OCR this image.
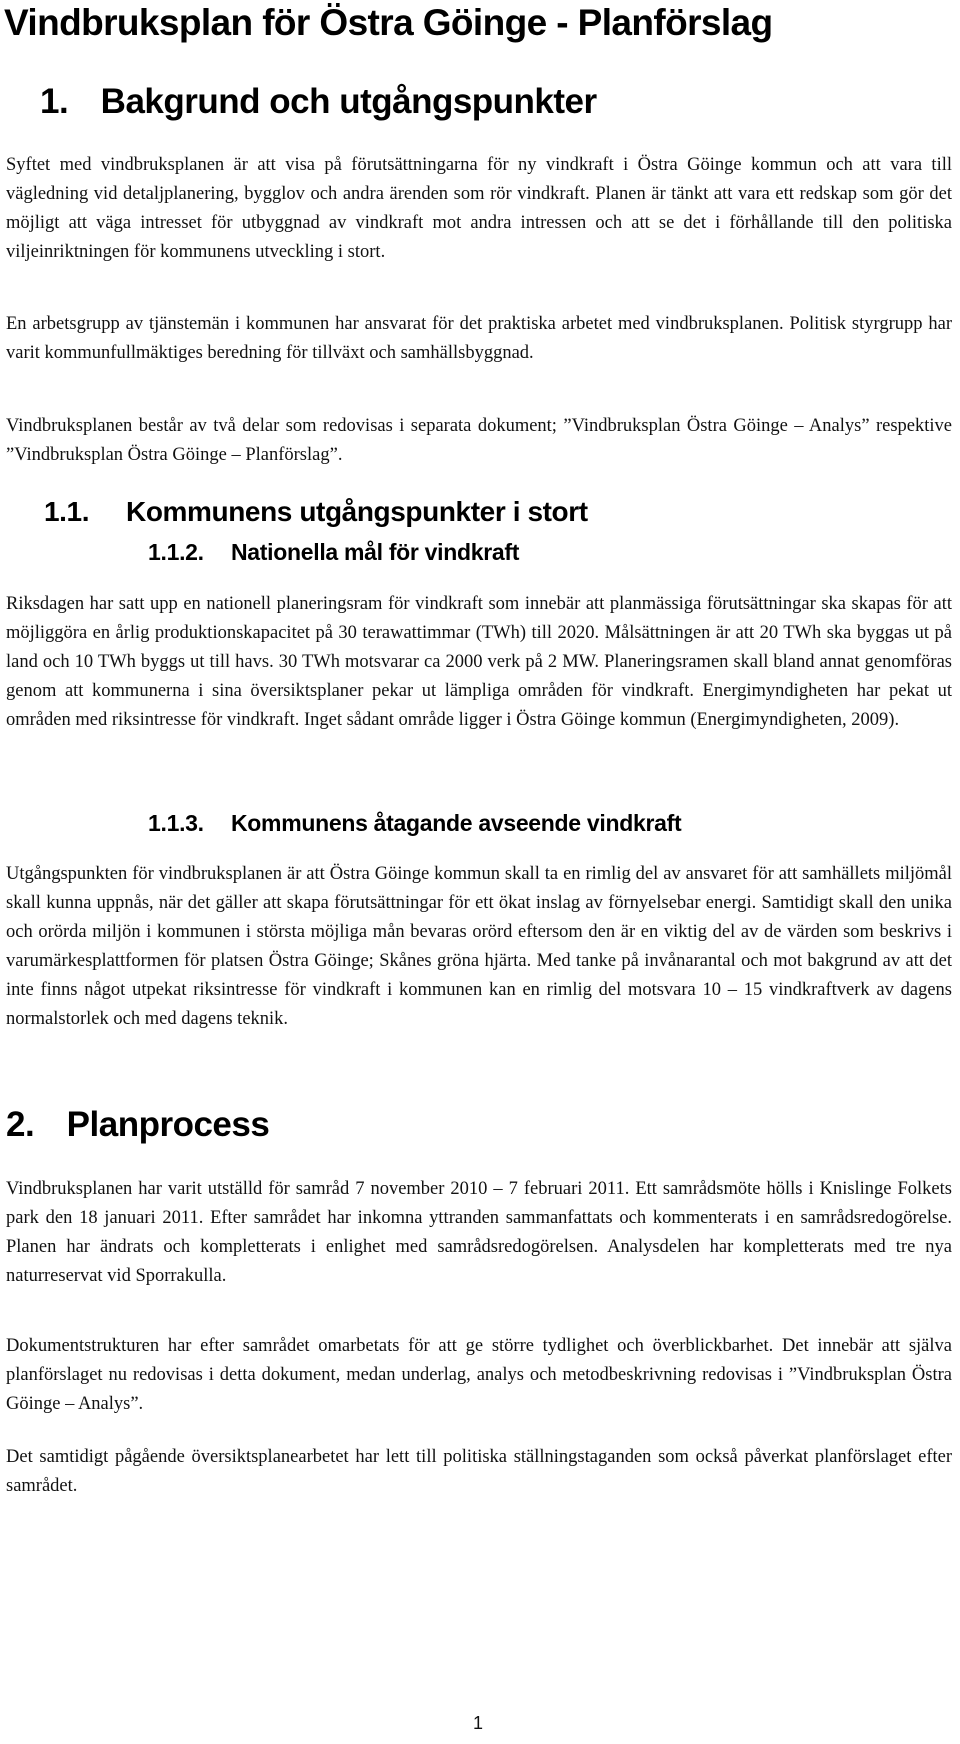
Vindbruksplan för Östra Göinge - Planförslag
1. Bakgrund och utgångspunkter

Syftet med vindbruksplanen är att visa på förutsättningarna för ny vindkraft i Östra Göinge kommun och att vara till vägledning vid detaljplanering, bygglov och andra ärenden som rör vindkraft. Planen är tänkt att vara ett redskap som gör det möjligt att väga intresset för utbyggnad av vindkraft mot andra intressen och att se det i förhållande till den politiska viljeinriktningen för kommunens utveckling i stort.

En arbetsgrupp av tjänstemän i kommunen har ansvarat för det praktiska arbetet med vindbruksplanen. Politisk styrgrupp har varit kommunfullmäktiges beredning för tillväxt och samhällsbyggnad.

Vindbruksplanen består av två delar som redovisas i separata dokument; ”Vindbruksplan Östra Göinge – Analys” respektive ”Vindbruksplan Östra Göinge – Planförslag”.

1.1. Kommunens utgångspunkter i stort
1.1.2. Nationella mål för vindkraft

Riksdagen har satt upp en nationell planeringsram för vindkraft som innebär att planmässiga förutsättningar ska skapas för att möjliggöra en årlig produktionskapacitet på 30 terawattimmar (TWh) till 2020. Målsättningen är att 20 TWh ska byggas ut på land och 10 TWh byggs ut till havs. 30 TWh motsvarar ca 2000 verk på 2 MW. Planeringsramen skall bland annat genomföras genom att kommunerna i sina översiktsplaner pekar ut lämpliga områden för vindkraft. Energimyndigheten har pekat ut områden med riksintresse för vindkraft. Inget sådant område ligger i Östra Göinge kommun (Energimyndigheten, 2009).

1.1.3. Kommunens åtagande avseende vindkraft

Utgångspunkten för vindbruksplanen är att Östra Göinge kommun skall ta en rimlig del av ansvaret för att samhällets miljömål skall kunna uppnås, när det gäller att skapa förutsättningar för ett ökat inslag av förnyelsebar energi. Samtidigt skall den unika och orörda miljön i kommunen i största möjliga mån bevaras orörd eftersom den är en viktig del av de värden som beskrivs i varumärkesplattformen för platsen Östra Göinge; Skånes gröna hjärta. Med tanke på invånarantal och mot bakgrund av att det inte finns något utpekat riksintresse för vindkraft i kommunen kan en rimlig del motsvara 10 – 15 vindkraftverk av dagens normalstorlek och med dagens teknik.

2. Planprocess

Vindbruksplanen har varit utställd för samråd 7 november 2010 – 7 februari 2011. Ett samrådsmöte hölls i Knislinge Folkets park den 18 januari 2011. Efter samrådet har inkomna yttranden sammanfattats och kommenterats i en samrådsredogörelse. Planen har ändrats och kompletterats i enlighet med samrådsredogörelsen. Analysdelen har kompletterats med tre nya naturreservat vid Sporrakulla.

Dokumentstrukturen har efter samrådet omarbetats för att ge större tydlighet och överblickbarhet. Det innebär att själva planförslaget nu redovisas i detta dokument, medan underlag, analys och metodbeskrivning redovisas i ”Vindbruksplan Östra Göinge – Analys”.

Det samtidigt pågående översiktsplanearbetet har lett till politiska ställningstaganden som också påverkat planförslaget efter samrådet.

1
